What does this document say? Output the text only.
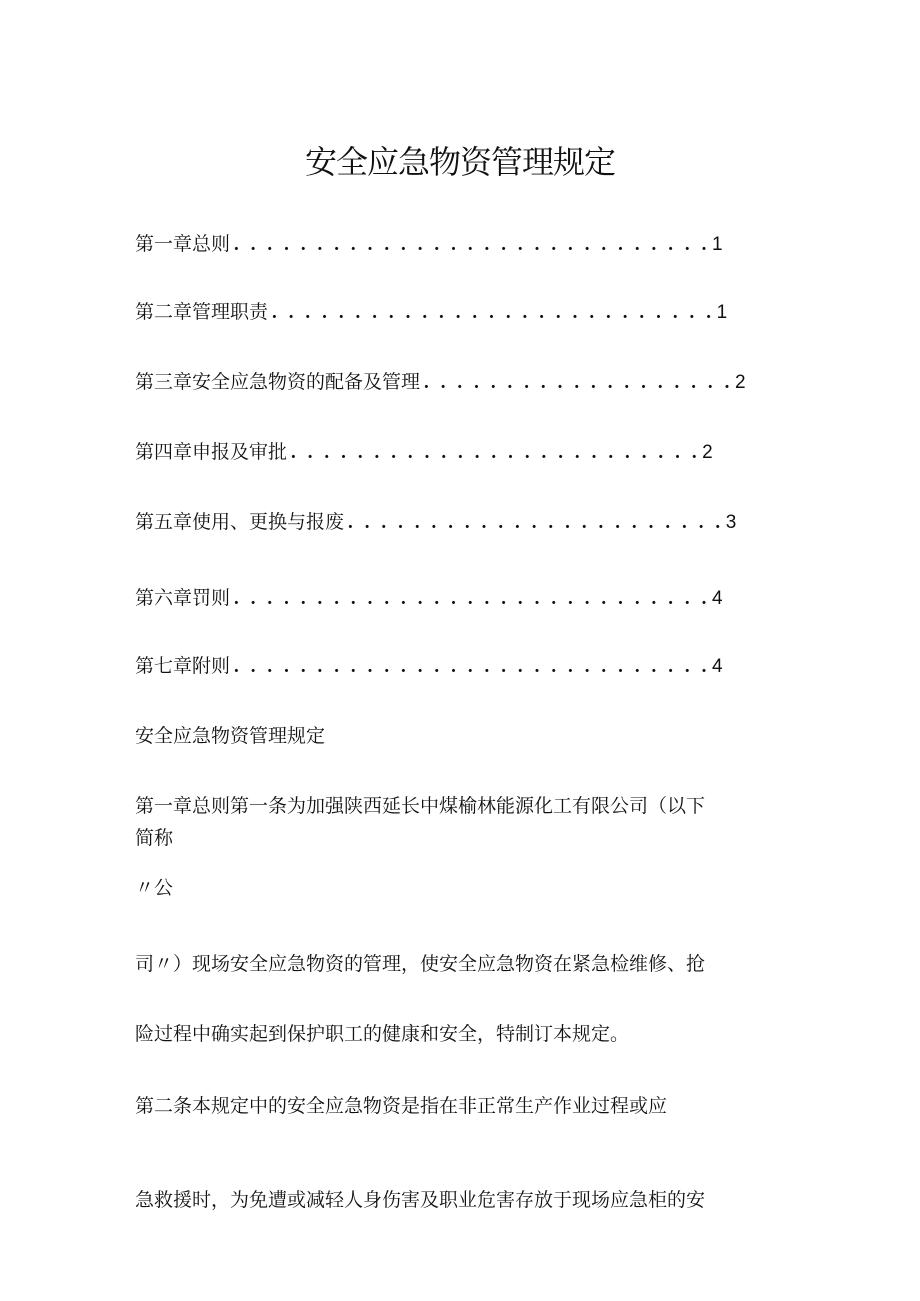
安全应急物资管理规定
第一章总则 . . . . . . . . . . . . . . . . . . . . . . . . . . . . . 1
第二章管理职责 . . . . . . . . . . . . . . . . . . . . . . . . . . . 1
第三章安全应急物资的配备及管理 . . . . . . . . . . . . . . . . . . . 2
第四章申报及审批 . . . . . . . . . . . . . . . . . . . . . . . . . 2
第五章使用、更换与报废 . . . . . . . . . . . . . . . . . . . . . . . 3
第六章罚则 . . . . . . . . . . . . . . . . . . . . . . . . . . . . . 4
第七章附则 . . . . . . . . . . . . . . . . . . . . . . . . . . . . . 4
安全应急物资管理规定
第一章总则第一条为加强陕西延长中煤榆林能源化工有限公司（以下
简称
〃公
司〃）现场安全应急物资的管理，使安全应急物资在紧急检维修、抢
险过程中确实起到保护职工的健康和安全，特制订本规定。
第二条本规定中的安全应急物资是指在非正常生产作业过程或应
急救援时，为免遭或减轻人身伤害及职业危害存放于现场应急柜的安
